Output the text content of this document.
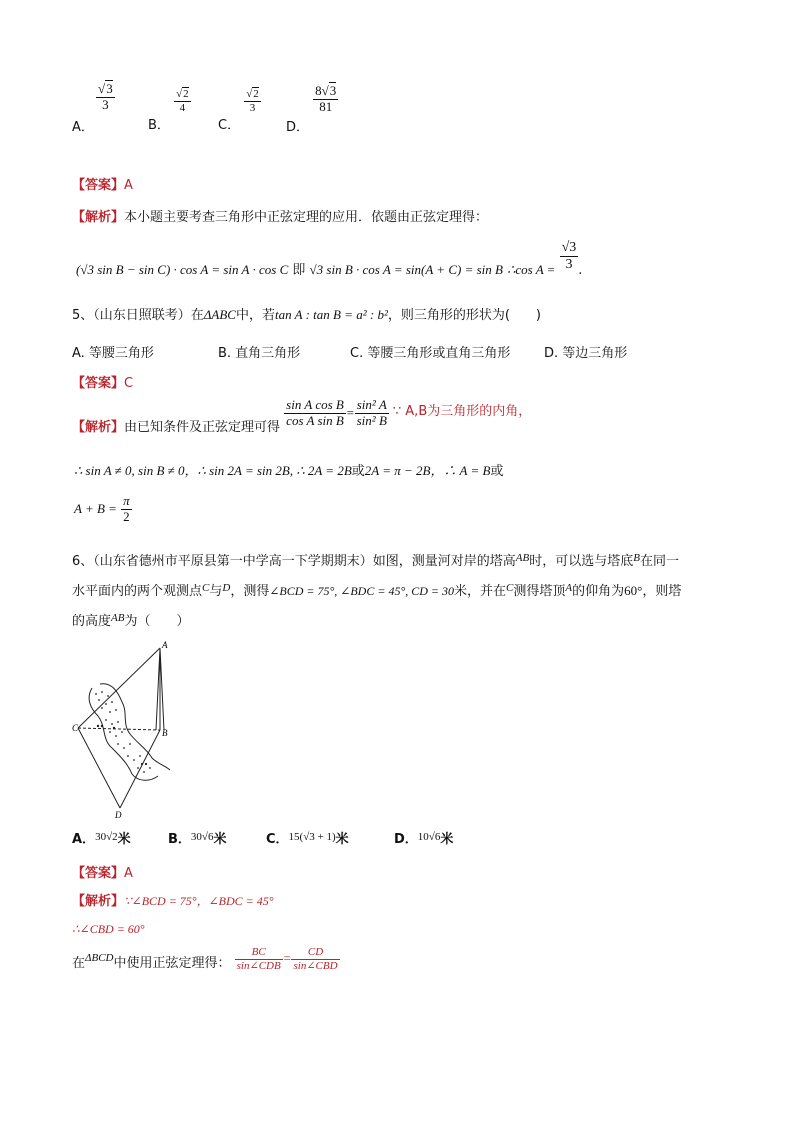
A．
$\frac{√3}{3}$
B．
$\frac{√2}{4}$
C．
$\frac{√2}{3}$
D．
$\frac{8√3}{81}$
【答案】A
【解析】本小题主要考查三角形中正弦定理的应用．依题由正弦定理得：
(√3 sin B − sin C) · cos A = sin A · cos C 即 √3 sin B · cos A = sin(A + C) = sin B ∴cos $A = \frac{√3}{3}$ .
5、（山东日照联考）在ΔABC中，若tan A : tan B = a² : b²，则三角形的形状为(　　)
A. 等腰三角形	B. 直角三角形	C. 等腰三角形或直角三角形	D. 等边三角形
【答案】C
【解析】由已知条件及正弦定理可得 $\frac{\text{sin A cos B}}{\text{cos A sin B}} = \frac{\text{sin² A}}{\text{sin² B}}$ ∵ A,B为三角形的内角，
∴ sin A ≠ 0, sin B ≠ 0，∴ sin 2A = sin 2B, ∴ 2A = 2B或2A = π − 2B，∴ A = B或
$A + B = \frac{\pi}{2}$
6、（山东省德州市平原县第一中学高一下学期期末）如图，测量河对岸的塔高$^{AB}$时，可以选与塔底$^B$在同一
水平面内的两个观测点$^C$与$^D$，测得∠BCD = 75°, ∠BDC = 45°, CD = 30米，并在$^C$测得塔顶$^A$的仰角为60°，则塔
的高度$^{AB}$为（　　）
A
B
C
D
A．$^{30√2}$米	B．$^{30√6}$米	C．$^{15(√3 + 1)}$米	D．$^{10√6}$米
【答案】A
【解析】∵∠BCD = 75°，∠BDC = 45°
∴∠CBD = 60°
在ΔBCD中使用正弦定理得： $\frac{BC}{\text{sin∠CDB}} = \frac{CD}{\text{sin∠CBD}}$
